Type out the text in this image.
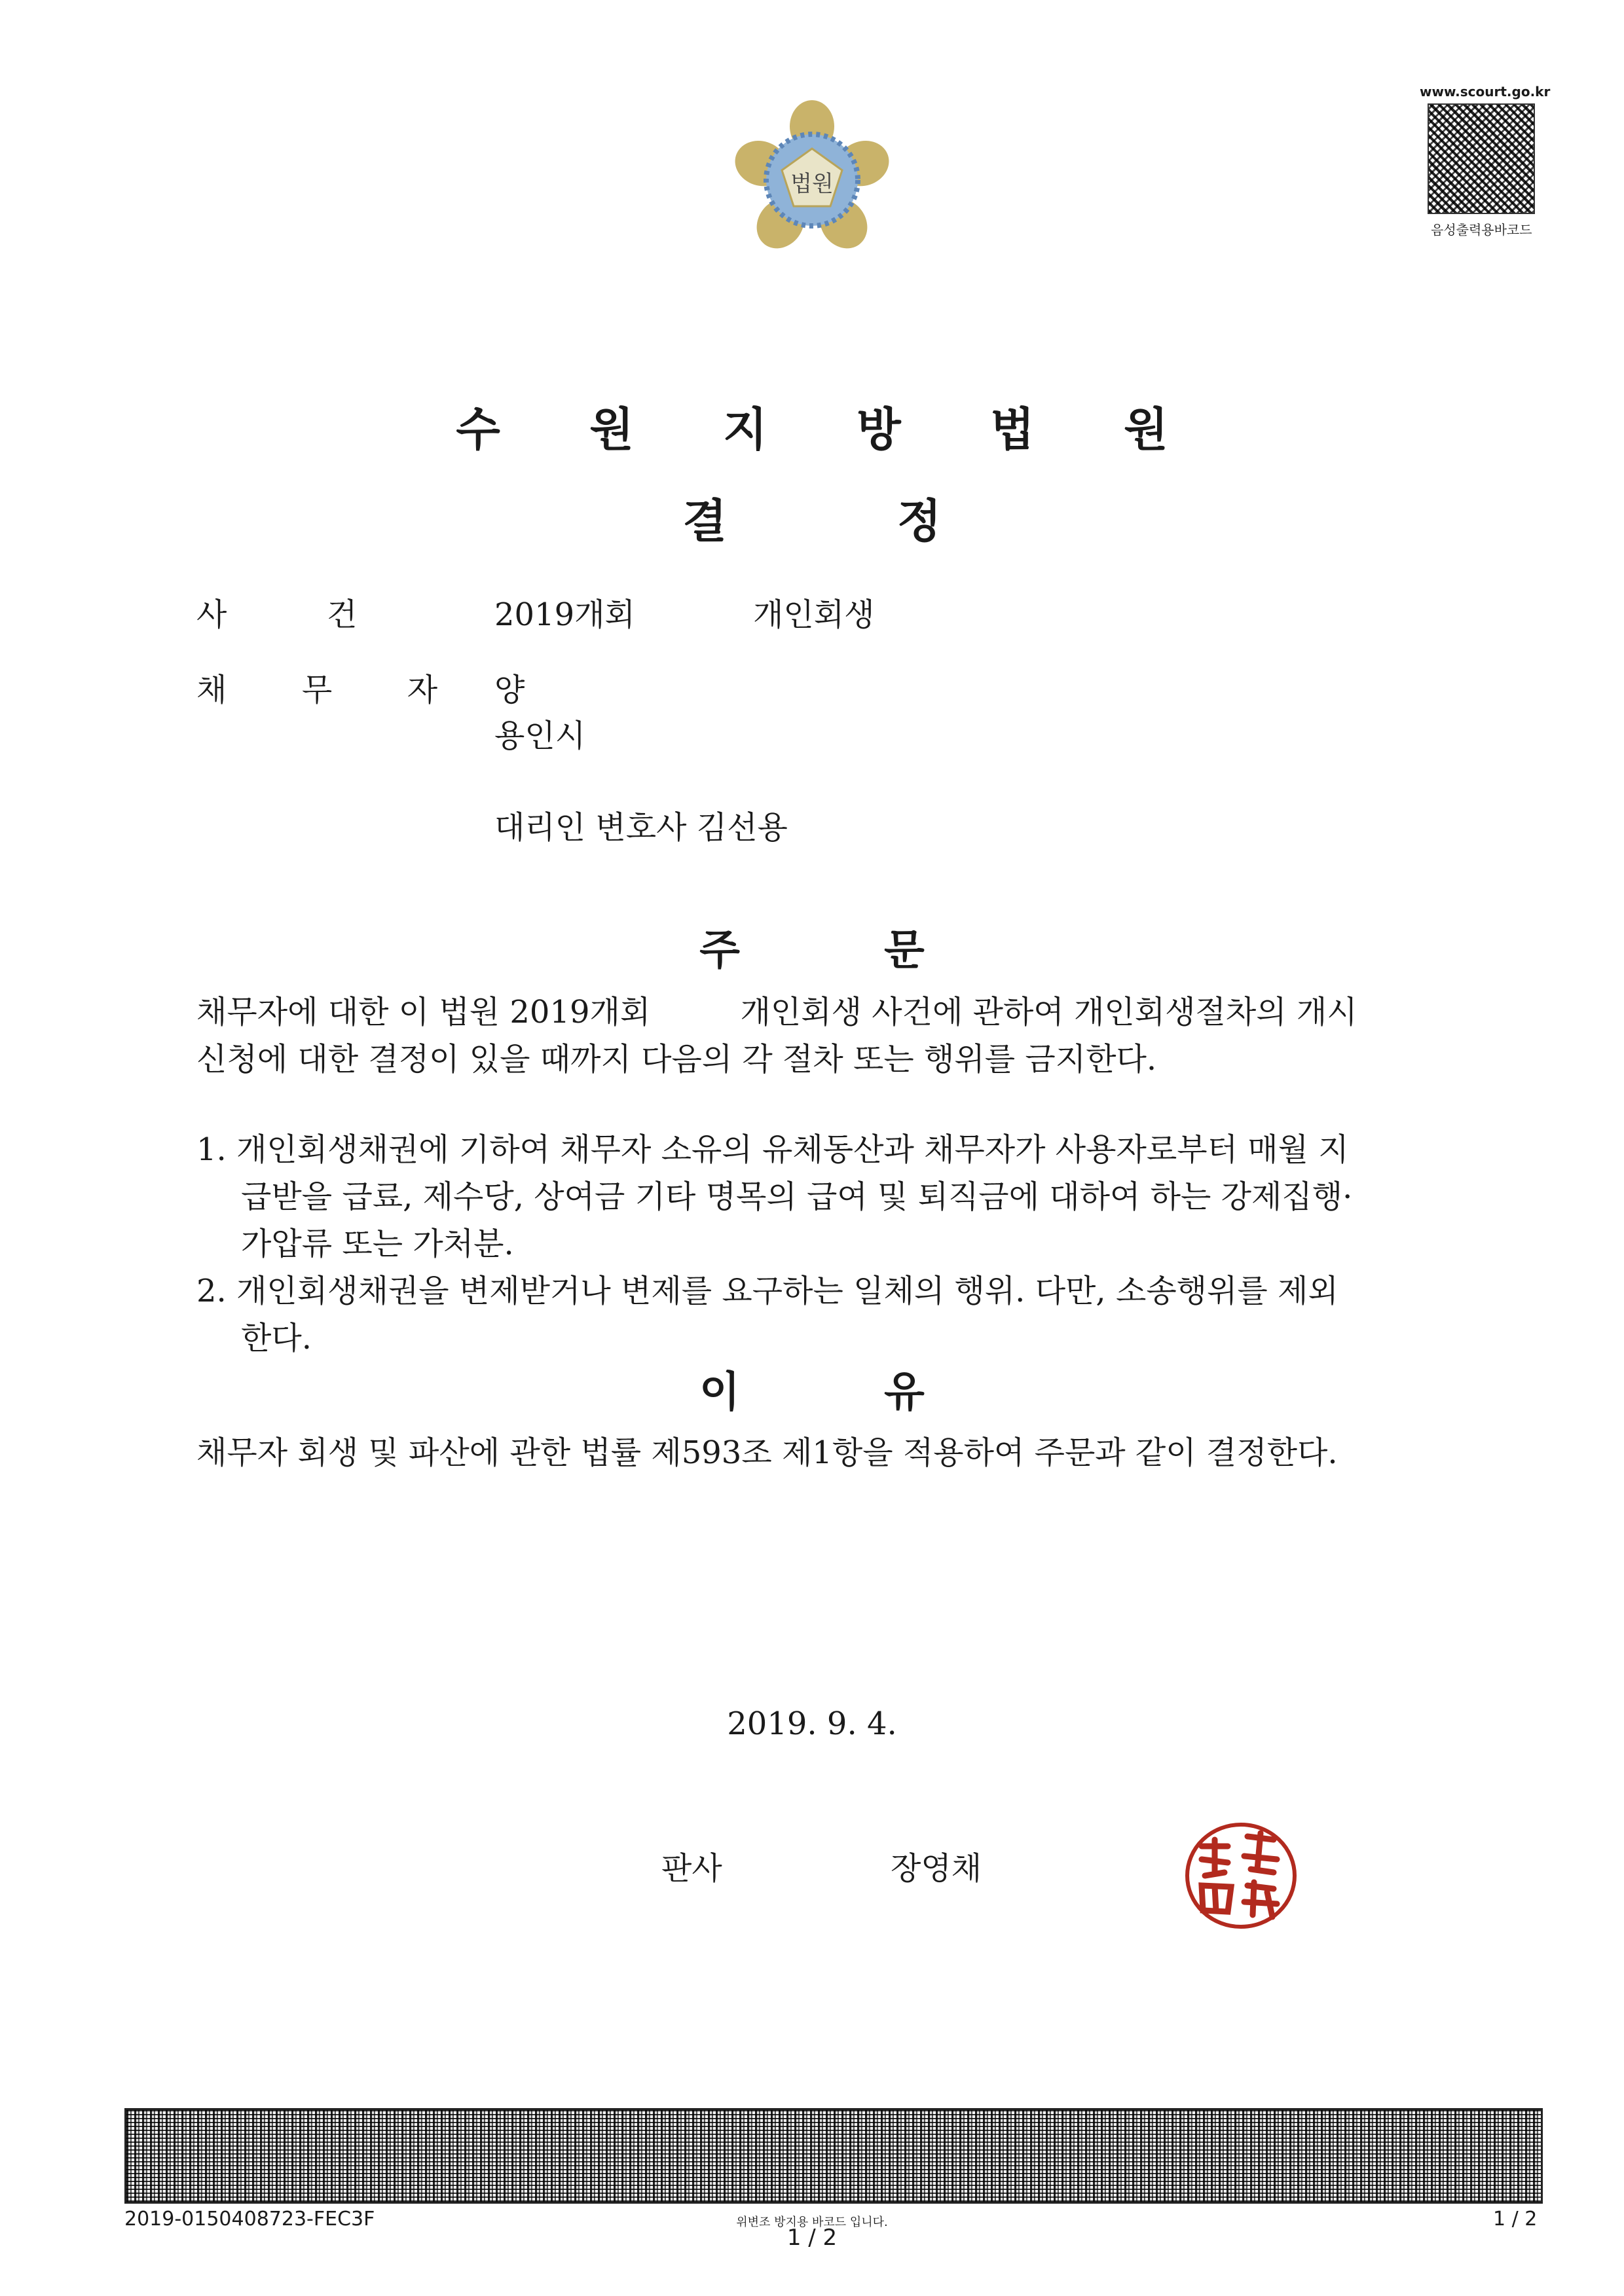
법원
www.scourt.go.kr
음성출력용바코드
수 원 지 방 법 원
결	정
사          건	2019개회	개인회생
채  무  자 양
용인시
대리인 변호사 김선용
주	문
채무자에 대한 이 법원 2019개회         개인회생 사건에 관하여 개인회생절차의 개시
신청에 대한 결정이 있을 때까지 다음의 각 절차 또는 행위를 금지한다.
1. 개인회생채권에 기하여 채무자 소유의 유체동산과 채무자가 사용자로부터 매월 지
급받을 급료, 제수당, 상여금 기타 명목의 급여 및 퇴직금에 대하여 하는 강제집행·
가압류 또는 가처분.
2. 개인회생채권을 변제받거나 변제를 요구하는 일체의 행위. 다만, 소송행위를 제외
한다.
이	유
채무자 회생 및 파산에 관한 법률 제593조 제1항을 적용하여 주문과 같이 결정한다.
2019. 9. 4.
판사	장영채
2019-0150408723-FEC3F	위변조 방지용 바코드 입니다.
1 / 2
1 / 2
